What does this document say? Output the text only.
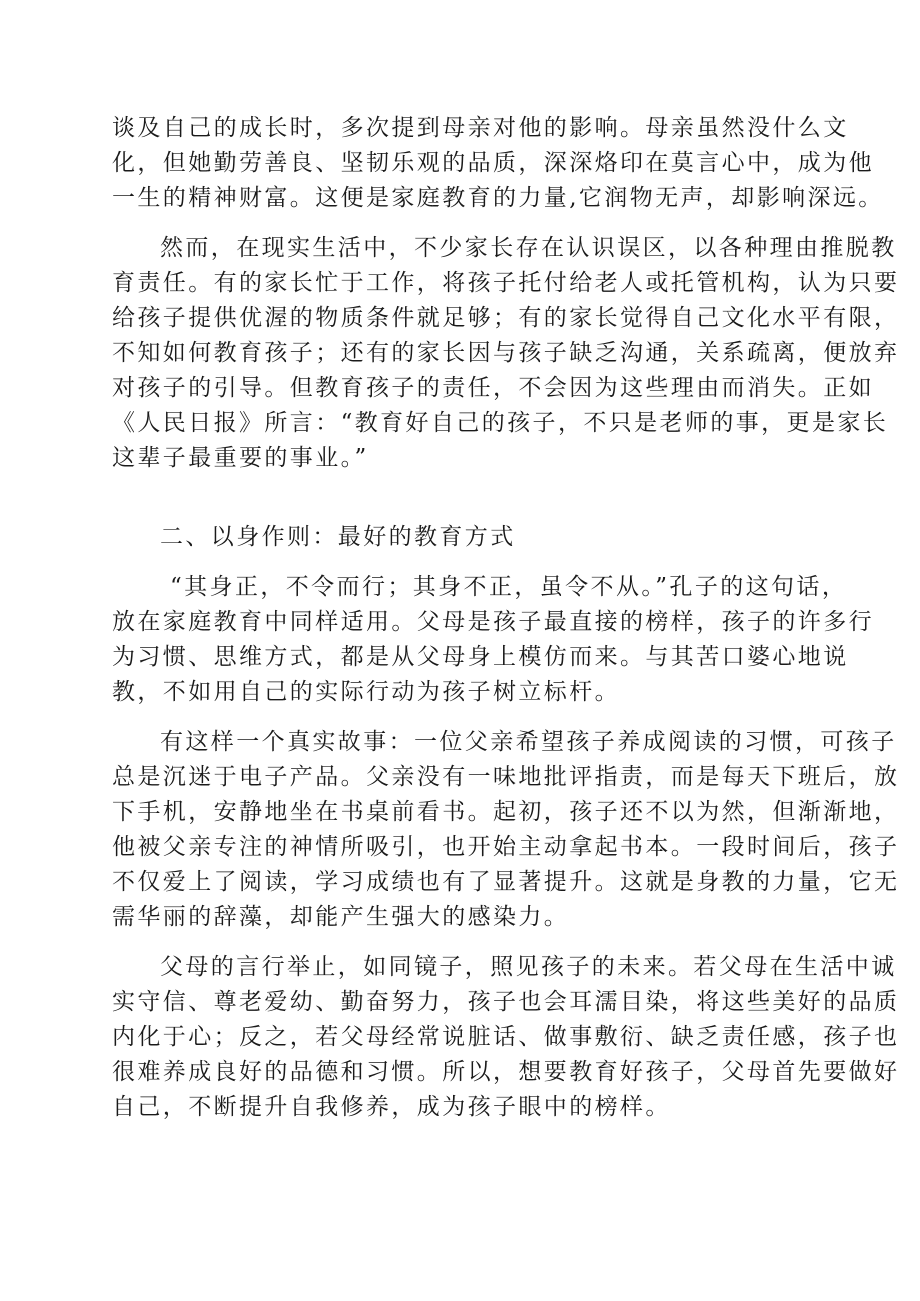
谈及自己的成长时，多次提到母亲对他的影响。母亲虽然没什么文
化，但她勤劳善良、坚韧乐观的品质，深深烙印在莫言心中，成为他
一生的精神财富。这便是家庭教育的力量,它润物无声，却影响深远。
然而，在现实生活中，不少家长存在认识误区，以各种理由推脱教
育责任。有的家长忙于工作，将孩子托付给老人或托管机构，认为只要
给孩子提供优渥的物质条件就足够；有的家长觉得自己文化水平有限，
不知如何教育孩子；还有的家长因与孩子缺乏沟通，关系疏离，便放弃
对孩子的引导。但教育孩子的责任，不会因为这些理由而消失。正如
《人民日报》所言：“教育好自己的孩子，不只是老师的事，更是家长
这辈子最重要的事业。”
二、以身作则：最好的教育方式
“其身正，不令而行；其身不正，虽令不从。”孔子的这句话，
放在家庭教育中同样适用。父母是孩子最直接的榜样，孩子的许多行
为习惯、思维方式，都是从父母身上模仿而来。与其苦口婆心地说
教，不如用自己的实际行动为孩子树立标杆。
有这样一个真实故事：一位父亲希望孩子养成阅读的习惯，可孩子
总是沉迷于电子产品。父亲没有一味地批评指责，而是每天下班后，放
下手机，安静地坐在书桌前看书。起初，孩子还不以为然，但渐渐地，
他被父亲专注的神情所吸引，也开始主动拿起书本。一段时间后，孩子
不仅爱上了阅读，学习成绩也有了显著提升。这就是身教的力量，它无
需华丽的辞藻，却能产生强大的感染力。
父母的言行举止，如同镜子，照见孩子的未来。若父母在生活中诚
实守信、尊老爱幼、勤奋努力，孩子也会耳濡目染，将这些美好的品质
内化于心；反之，若父母经常说脏话、做事敷衍、缺乏责任感，孩子也
很难养成良好的品德和习惯。所以，想要教育好孩子，父母首先要做好
自己，不断提升自我修养，成为孩子眼中的榜样。
